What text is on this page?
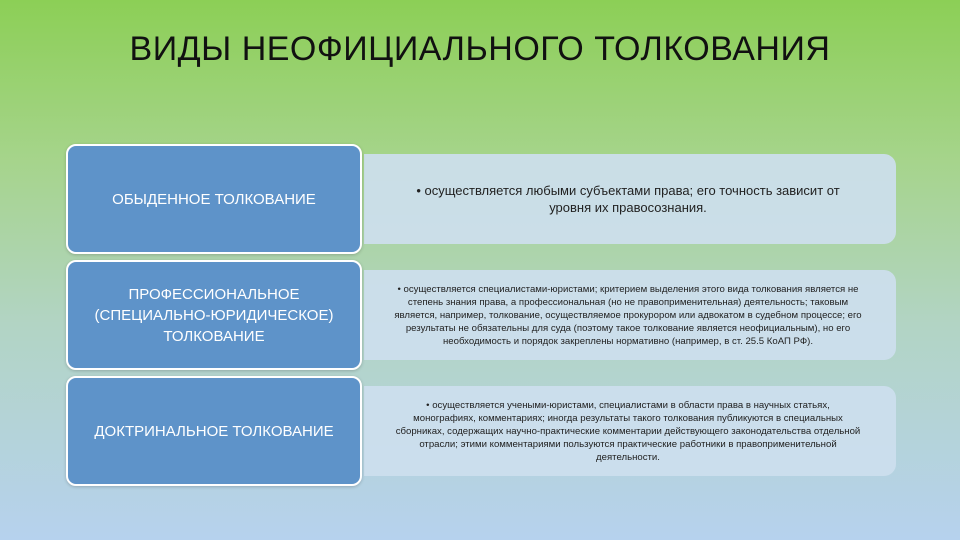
ВИДЫ НЕОФИЦИАЛЬНОГО ТОЛКОВАНИЯ
• осуществляется любыми субъектами права; его точность зависит от уровня их правосознания.
ОБЫДЕННОЕ ТОЛКОВАНИЕ
• осуществляется специалистами-юристами; критерием выделения этого вида толкования является не степень знания права, а профессиональная (но не правоприменительная) деятельность; таковым является, например, толкование, осуществляемое прокурором или адвокатом в судебном процессе; его результаты не обязательны для суда (поэтому такое толкование является неофициальным), но его необходимость и порядок закреплены нормативно (например, в ст. 25.5 КоАП РФ).
ПРОФЕССИОНАЛЬНОЕ (СПЕЦИАЛЬНО-ЮРИДИЧЕСКОЕ) ТОЛКОВАНИЕ
• осуществляется учеными-юристами, специалистами в области права в научных статьях, монографиях, комментариях; иногда результаты такого толкования публикуются в специальных сборниках, содержащих научно-практические комментарии действующего законодательства отдельной отрасли; этими комментариями пользуются практические работники в правоприменительной деятельности.
ДОКТРИНАЛЬНОЕ ТОЛКОВАНИЕ
